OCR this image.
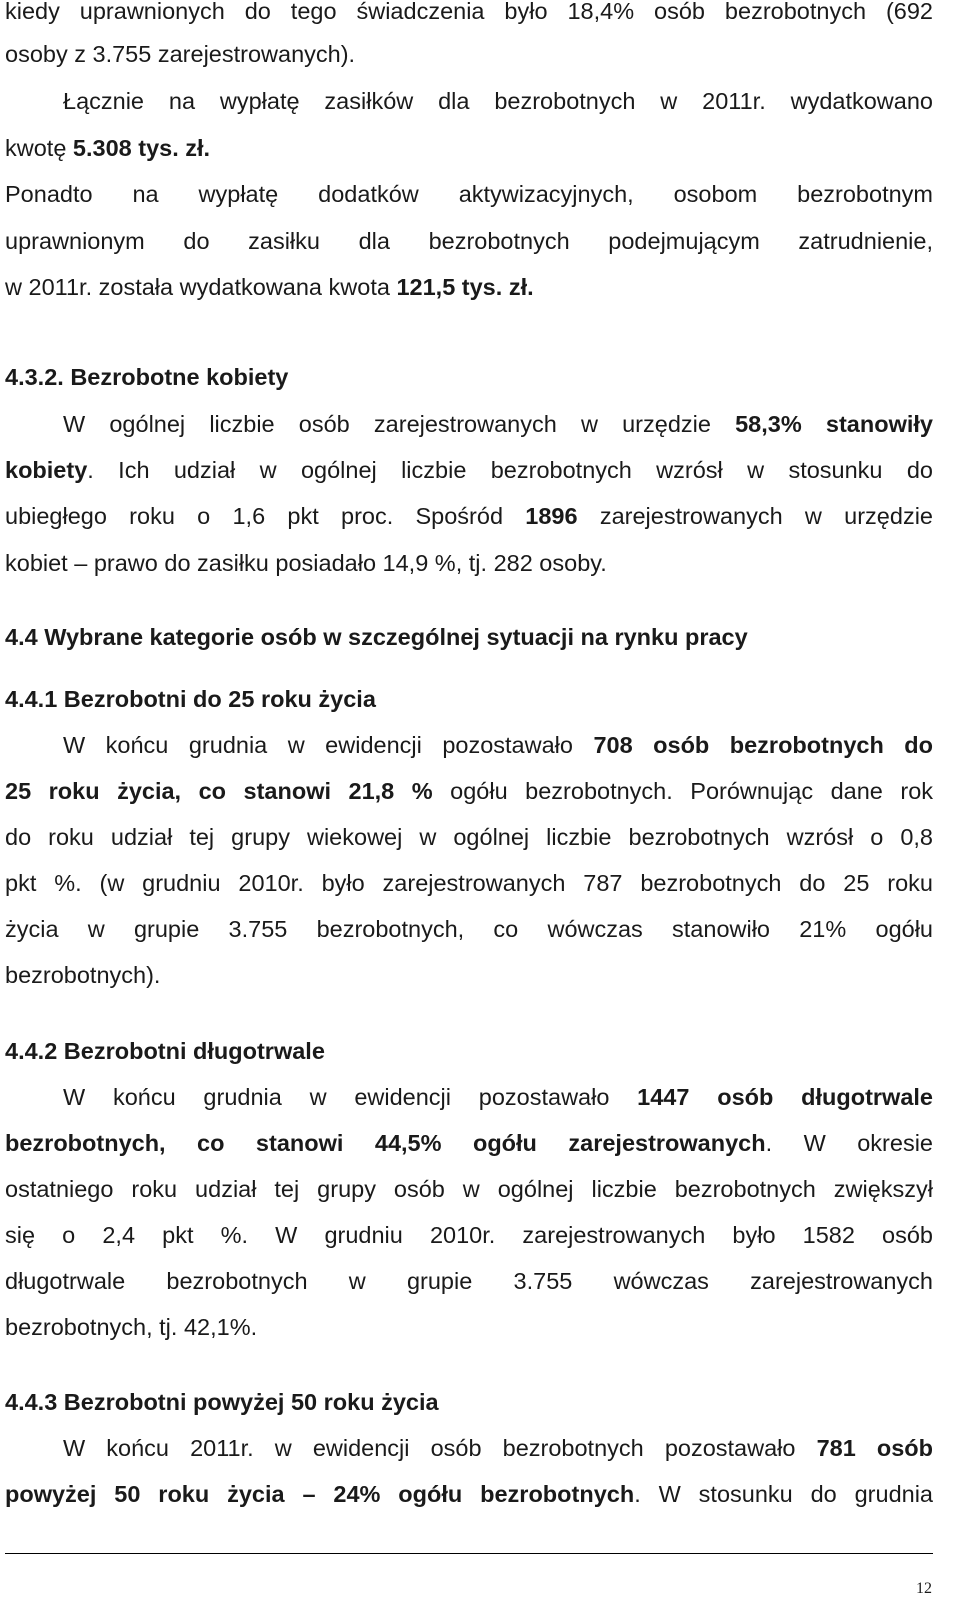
kiedy uprawnionych do tego świadczenia było 18,4% osób bezrobotnych (692
osoby z 3.755 zarejestrowanych).
Łącznie na wypłatę zasiłków dla bezrobotnych w 2011r. wydatkowano
kwotę 5.308 tys. zł.
Ponadto na wypłatę dodatków aktywizacyjnych, osobom bezrobotnym
uprawnionym do zasiłku dla bezrobotnych podejmującym zatrudnienie,
w 2011r. została wydatkowana kwota 121,5 tys. zł.
4.3.2. Bezrobotne kobiety
W ogólnej liczbie osób zarejestrowanych w urzędzie 58,3% stanowiły
kobiety. Ich udział w ogólnej liczbie bezrobotnych wzrósł w stosunku do
ubiegłego roku o 1,6 pkt proc. Spośród 1896 zarejestrowanych w urzędzie
kobiet – prawo do zasiłku posiadało 14,9 %, tj. 282 osoby.
4.4 Wybrane kategorie osób w szczególnej sytuacji na rynku pracy
4.4.1 Bezrobotni do 25 roku życia
W końcu grudnia w ewidencji pozostawało 708 osób bezrobotnych do
25 roku życia, co stanowi 21,8 % ogółu bezrobotnych. Porównując dane rok
do roku udział tej grupy wiekowej w ogólnej liczbie bezrobotnych wzrósł o 0,8
pkt %. (w grudniu 2010r. było zarejestrowanych 787 bezrobotnych do 25 roku
życia w grupie 3.755 bezrobotnych, co wówczas stanowiło 21% ogółu
bezrobotnych).
4.4.2 Bezrobotni długotrwale
W końcu grudnia w ewidencji pozostawało 1447 osób długotrwale
bezrobotnych, co stanowi 44,5% ogółu zarejestrowanych. W okresie
ostatniego roku udział tej grupy osób w ogólnej liczbie bezrobotnych zwiększył
się o 2,4 pkt %. W grudniu 2010r. zarejestrowanych było 1582 osób
długotrwale bezrobotnych w grupie 3.755 wówczas zarejestrowanych
bezrobotnych, tj. 42,1%.
4.4.3 Bezrobotni powyżej 50 roku życia
W końcu 2011r. w ewidencji osób bezrobotnych pozostawało 781 osób
powyżej 50 roku życia – 24% ogółu bezrobotnych. W stosunku do grudnia
12
